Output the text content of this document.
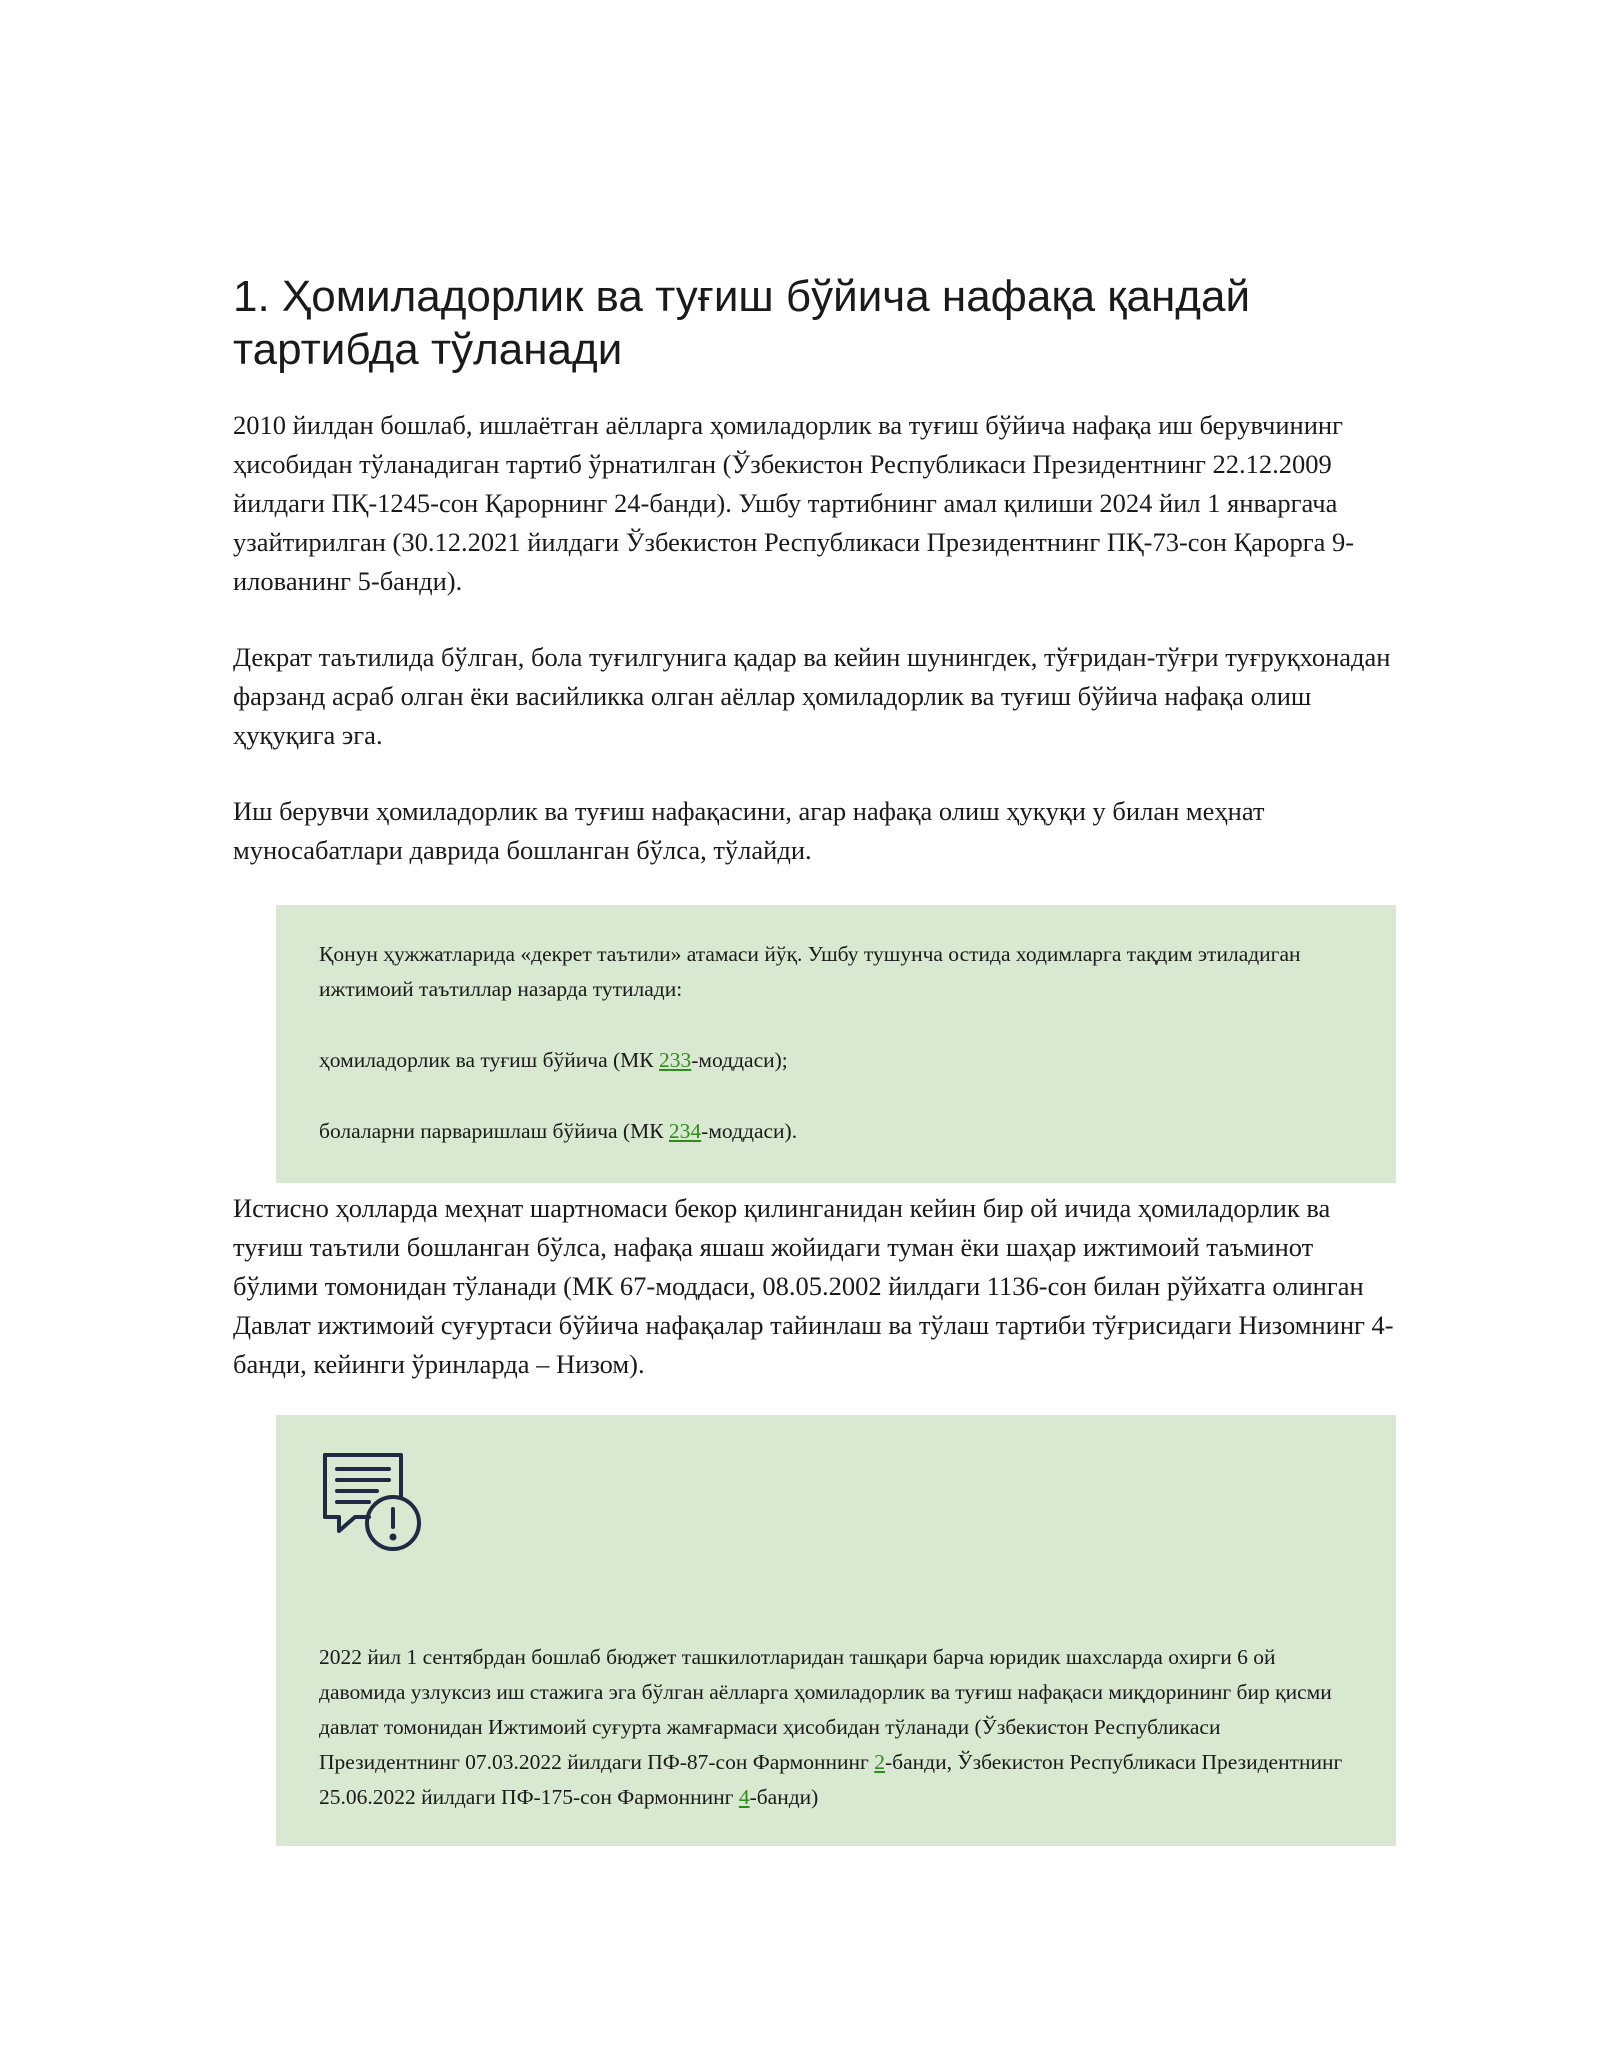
1. Ҳомиладорлик ва туғиш бўйича нафақа қандай тартибда тўланади

2010 йилдан бошлаб, ишлаётган аёлларга ҳомиладорлик ва туғиш бўйича нафақа иш берувчининг ҳисобидан тўланадиган тартиб ўрнатилган (Ўзбекистон Республикаси Президентнинг 22.12.2009 йилдаги ПҚ-1245-сон Қарорнинг 24-банди). Ушбу тартибнинг амал қилиши 2024 йил 1 январгача узайтирилган (30.12.2021 йилдаги Ўзбекистон Республикаси Президентнинг ПҚ-73-сон Қарорга 9-илованинг 5-банди).

Декрат таътилида бўлган, бола туғилгунига қадар ва кейин шунингдек, тўғридан-тўғри туғруқхонадан фарзанд асраб олган ёки васийликка олган аёллар ҳомиладорлик ва туғиш бўйича нафақа олиш ҳуқуқига эга.

Иш берувчи ҳомиладорлик ва туғиш нафақасини, агар нафақа олиш ҳуқуқи у билан меҳнат муносабатлари даврида бошланган бўлса, тўлайди.

Қонун ҳужжатларида «декрет таътили» атамаси йўқ. Ушбу тушунча остида ходимларга тақдим этиладиган ижтимоий таътиллар назарда тутилади:

ҳомиладорлик ва туғиш бўйича (МК 233-моддаси);

болаларни парваришлаш бўйича (МК 234-моддаси).

Истисно ҳолларда меҳнат шартномаси бекор қилинганидан кейин бир ой ичида ҳомиладорлик ва туғиш таътили бошланган бўлса, нафақа яшаш жойидаги туман ёки шаҳар ижтимоий таъминот бўлими томонидан тўланади (МК 67-моддаси, 08.05.2002 йилдаги 1136-сон билан рўйхатга олинган Давлат ижтимоий суғуртаси бўйича нафақалар тайинлаш ва тўлаш тартиби тўғрисидаги Низомнинг 4-банди, кейинги ўринларда – Низом).

2022 йил 1 сентябрдан бошлаб бюджет ташкилотларидан ташқари барча юридик шахсларда охирги 6 ой давомида узлуксиз иш стажига эга бўлган аёлларга ҳомиладорлик ва туғиш нафақаси миқдорининг бир қисми давлат томонидан Ижтимоий суғурта жамғармаси ҳисобидан тўланади (Ўзбекистон Республикаси Президентнинг 07.03.2022 йилдаги ПФ-87-сон Фармоннинг 2-банди, Ўзбекистон Республикаси Президентнинг 25.06.2022 йилдаги ПФ-175-сон Фармоннинг 4-банди)
